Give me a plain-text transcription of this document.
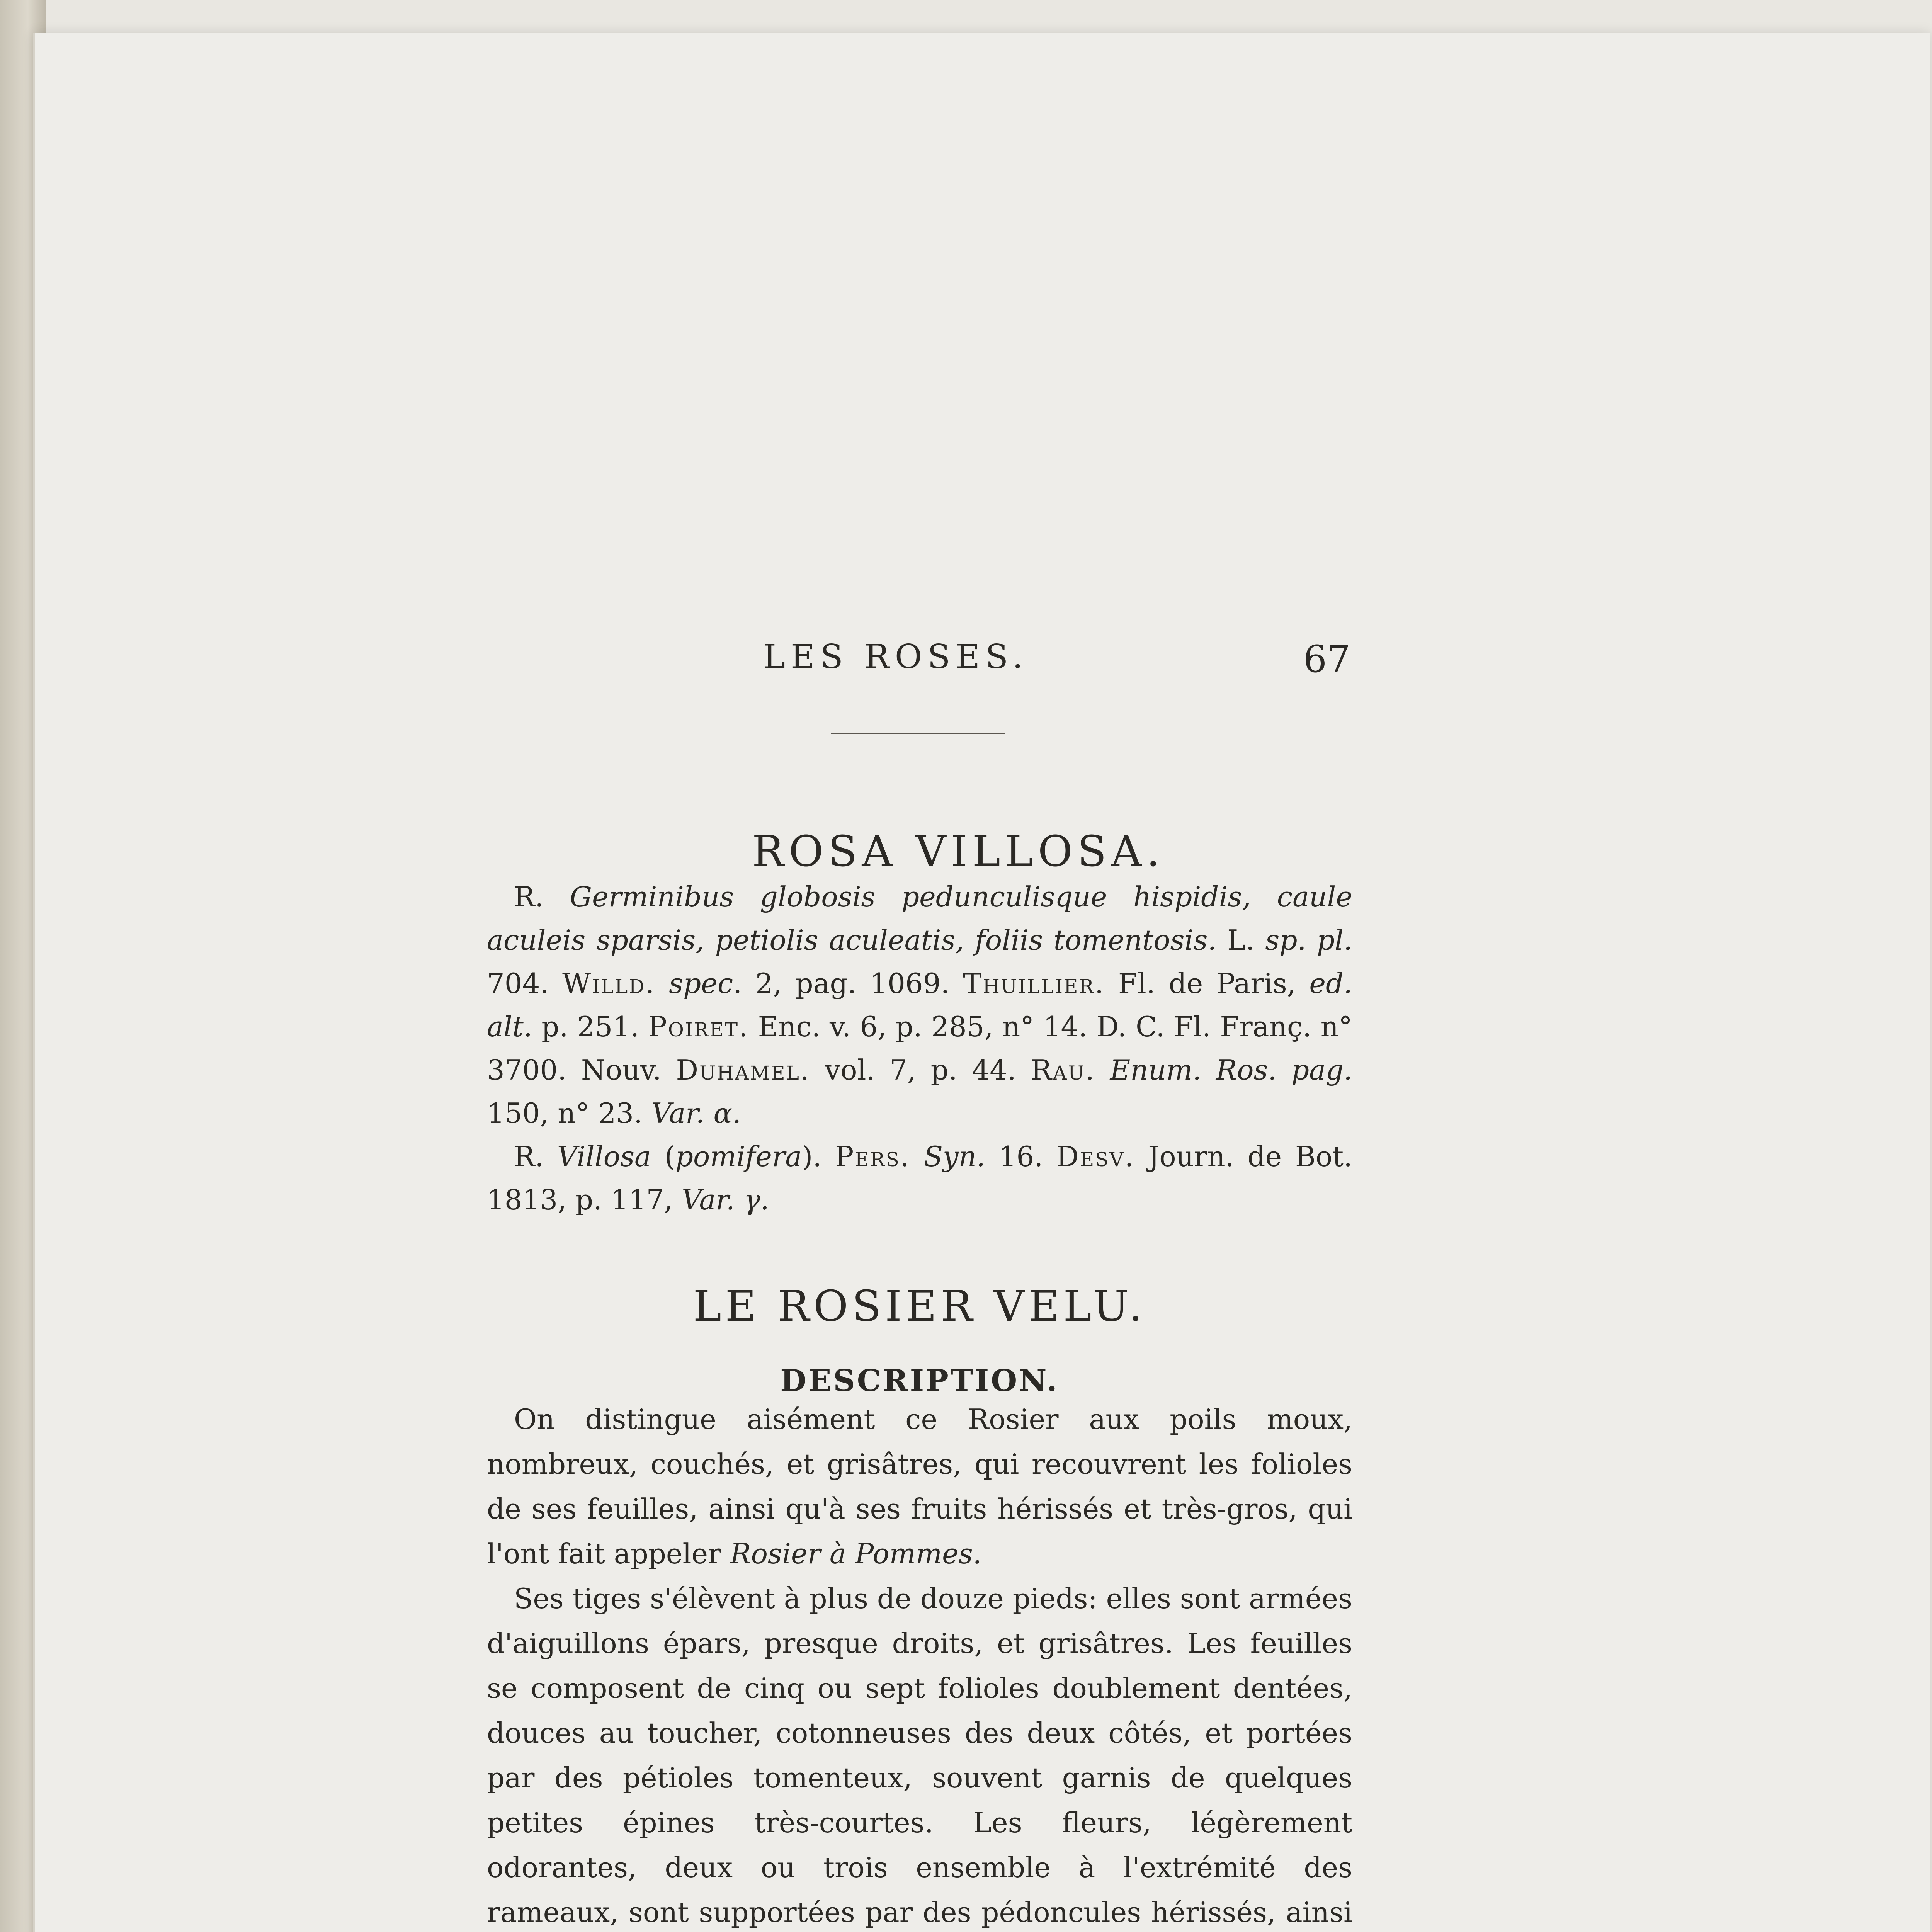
LES ROSES.	67
ROSA VILLOSA.

R. Germinibus globosis pedunculisque hispidis, caule aculeis sparsis, petiolis aculeatis, foliis tomentosis. L. sp. pl. 704. Willd. spec. 2, pag. 1069. Thuillier. Fl. de Paris, ed. alt. p. 251. Poiret. Enc. v. 6, p. 285, n° 14. D. C. Fl. Franç. n° 3700. Nouv. Duhamel. vol. 7, p. 44. Rau. Enum. Ros. pag. 150, n° 23. Var. α.

R. Villosa (pomifera). Pers. Syn. 16. Desv. Journ. de Bot. 1813, p. 117, Var. γ.

LE ROSIER VELU.
DESCRIPTION.

On distingue aisément ce Rosier aux poils moux, nombreux, couchés, et grisâtres, qui recouvrent les folioles de ses feuilles, ainsi qu'à ses fruits hérissés et très-gros, qui l'ont fait appeler Rosier à Pommes.

Ses tiges s'élèvent à plus de douze pieds: elles sont armées d'aiguillons épars, presque droits, et grisâtres. Les feuilles se composent de cinq ou sept folioles doublement dentées, douces au toucher, cotonneuses des deux côtés, et portées par des pétioles tomenteux, souvent garnis de quelques petites épines très-courtes. Les fleurs, légèrement odorantes, deux ou trois ensemble à l'extrémité des rameaux, sont supportées par des pédoncules hérissés, ainsi
